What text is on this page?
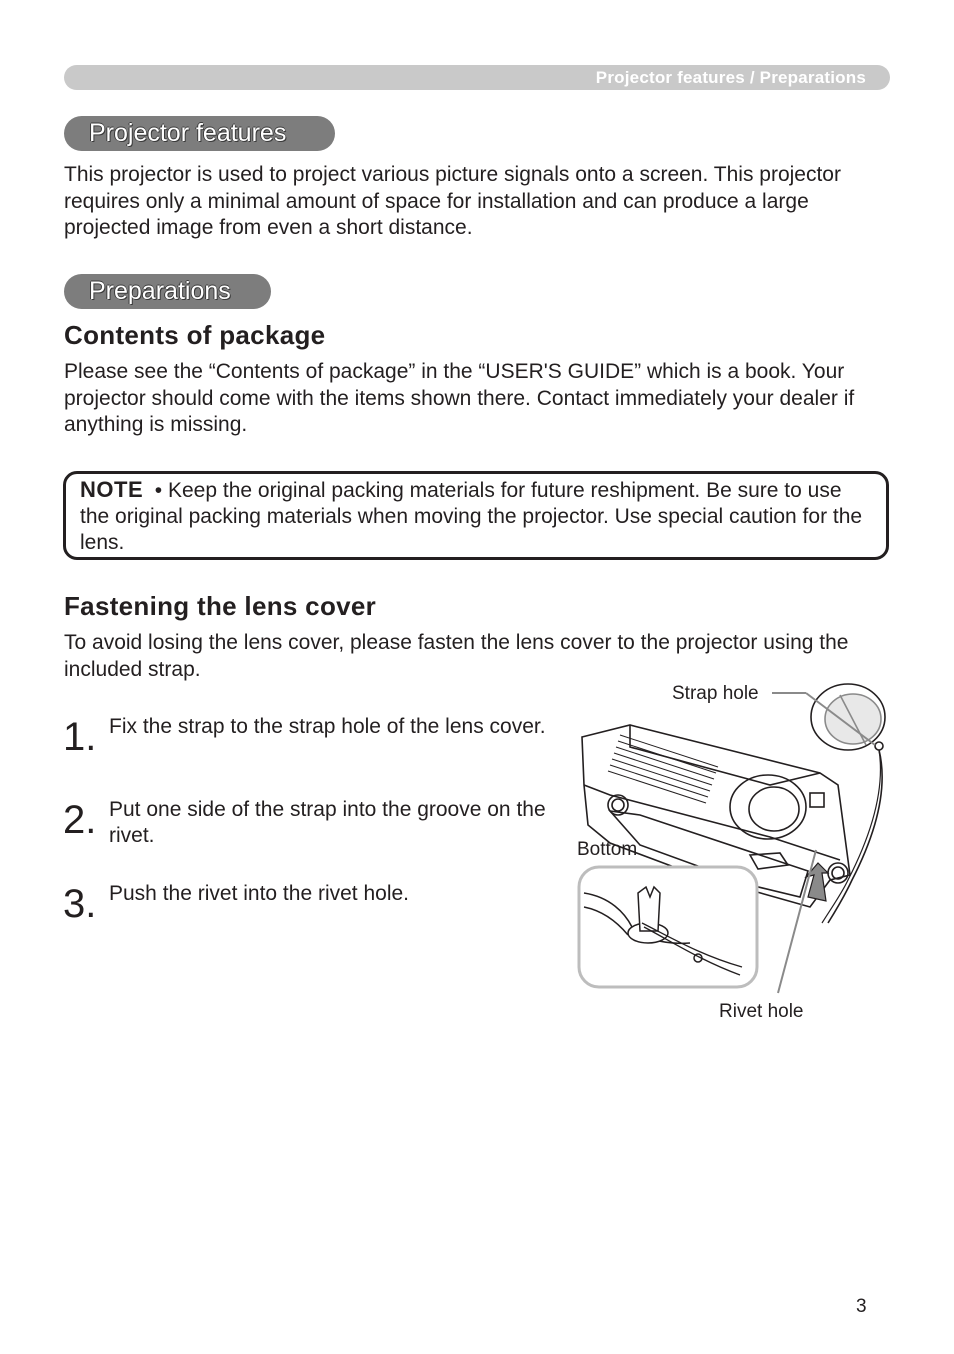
Projector features / Preparations
Projector features

This projector is used to project various picture signals onto a screen. This projector requires only a minimal amount of space for installation and can produce a large projected image from even a short distance.

Preparations
Contents of package

Please see the “Contents of package” in the “USER'S GUIDE” which is a book. Your projector should come with the items shown there. Contact immediately your dealer if anything is missing.

NOTE • Keep the original packing materials for future reshipment. Be sure to use the original packing materials when moving the projector. Use special caution for the lens.

Fastening the lens cover

To avoid losing the lens cover, please fasten the lens cover to the projector using the included strap.

1. Fix the strap to the strap hole of the lens cover.

2. Put one side of the strap into the groove on the rivet.

3. Push the rivet into the rivet hole.

Strap hole
Bottom
Rivet hole
3
